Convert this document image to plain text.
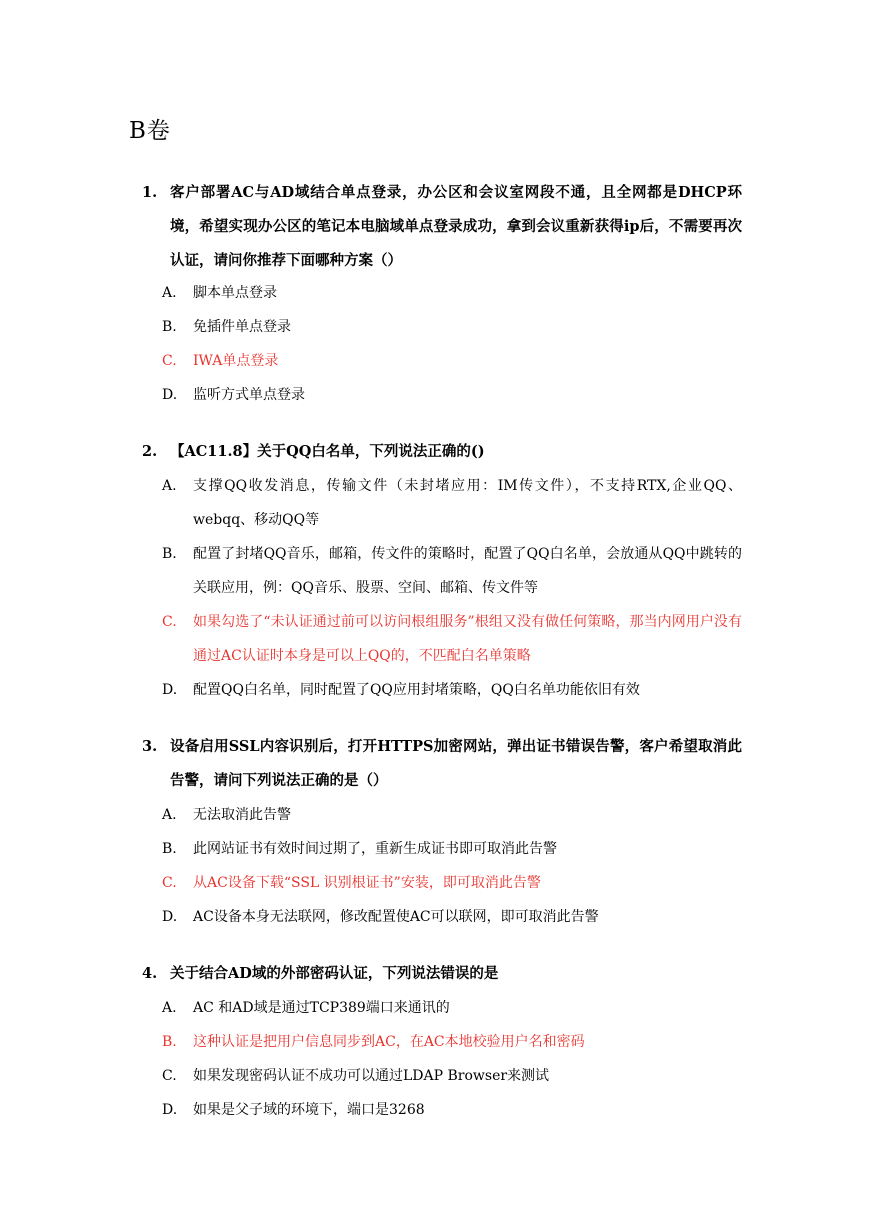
B卷
1. 客户部署AC与AD域结合单点登录，办公区和会议室网段不通，且全网都是DHCP环境，希望实现办公区的笔记本电脑域单点登录成功，拿到会议重新获得ip后，不需要再次认证，请问你推荐下面哪种方案（）
A.	脚本单点登录
B.	免插件单点登录
C.	IWA单点登录
D.	监听方式单点登录
2. 【AC11.8】关于QQ白名单，下列说法正确的()
A.	支撑QQ收发消息，传输文件（未封堵应用：IM传文件），不支持RTX,企业QQ、webqq、移动QQ等
B.	配置了封堵QQ音乐，邮箱，传文件的策略时，配置了QQ白名单，会放通从QQ中跳转的关联应用，例：QQ音乐、股票、空间、邮箱、传文件等
C.	如果勾选了“未认证通过前可以访问根组服务”根组又没有做任何策略，那当内网用户没有通过AC认证时本身是可以上QQ的，不匹配白名单策略
D.	配置QQ白名单，同时配置了QQ应用封堵策略，QQ白名单功能依旧有效
3. 设备启用SSL内容识别后，打开HTTPS加密网站，弹出证书错误告警，客户希望取消此告警，请问下列说法正确的是（）
A.	无法取消此告警
B.	此网站证书有效时间过期了，重新生成证书即可取消此告警
C.	从AC设备下载“SSL 识别根证书”安装，即可取消此告警
D.	AC设备本身无法联网，修改配置使AC可以联网，即可取消此告警
4. 关于结合AD域的外部密码认证，下列说法错误的是
A.	AC 和AD域是通过TCP389端口来通讯的
B.	这种认证是把用户信息同步到AC，在AC本地校验用户名和密码
C.	如果发现密码认证不成功可以通过LDAP Browser来测试
D.	如果是父子域的环境下，端口是3268
